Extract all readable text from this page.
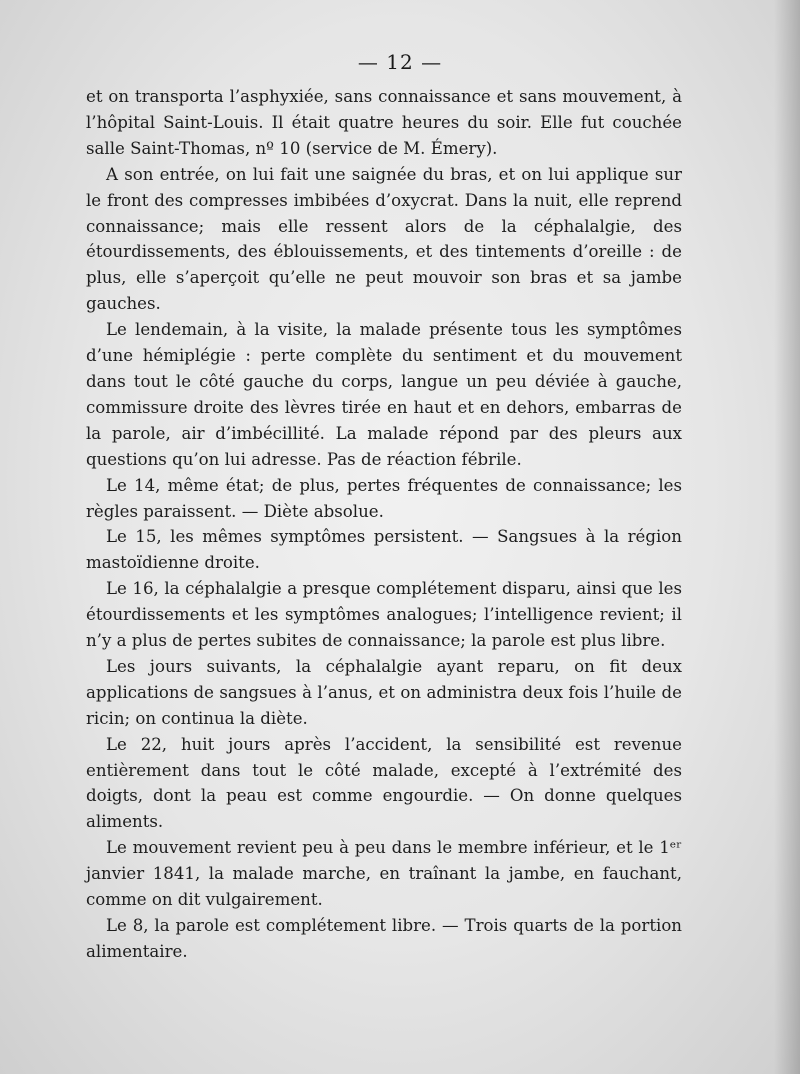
— 12 —

et on transporta l’asphyxiée, sans connaissance et sans mouvement, à l’hôpital Saint-Louis. Il était quatre heures du soir. Elle fut couchée salle Saint-Thomas, nº 10 (service de M. Émery).

A son entrée, on lui fait une saignée du bras, et on lui applique sur le front des compresses imbibées d’oxycrat. Dans la nuit, elle reprend connaissance; mais elle ressent alors de la céphalalgie, des étourdissements, des éblouissements, et des tintements d’oreille : de plus, elle s’aperçoit qu’elle ne peut mouvoir son bras et sa jambe gauches.

Le lendemain, à la visite, la malade présente tous les symptômes d’une hémiplégie : perte complète du sentiment et du mouvement dans tout le côté gauche du corps, langue un peu déviée à gauche, commissure droite des lèvres tirée en haut et en dehors, embarras de la parole, air d’imbécillité. La malade répond par des pleurs aux questions qu’on lui adresse. Pas de réaction fébrile.

Le 14, même état; de plus, pertes fréquentes de connaissance; les règles paraissent. — Diète absolue.

Le 15, les mêmes symptômes persistent. — Sangsues à la région mastoïdienne droite.

Le 16, la céphalalgie a presque complétement disparu, ainsi que les étourdissements et les symptômes analogues; l’intelligence revient; il n’y a plus de pertes subites de connaissance; la parole est plus libre.

Les jours suivants, la céphalalgie ayant reparu, on fit deux applications de sangsues à l’anus, et on administra deux fois l’huile de ricin; on continua la diète.

Le 22, huit jours après l’accident, la sensibilité est revenue entièrement dans tout le côté malade, excepté à l’extrémité des doigts, dont la peau est comme engourdie. — On donne quelques aliments.

Le mouvement revient peu à peu dans le membre inférieur, et le 1ᵉʳ janvier 1841, la malade marche, en traînant la jambe, en fauchant, comme on dit vulgairement.

Le 8, la parole est complétement libre. — Trois quarts de la portion alimentaire.
